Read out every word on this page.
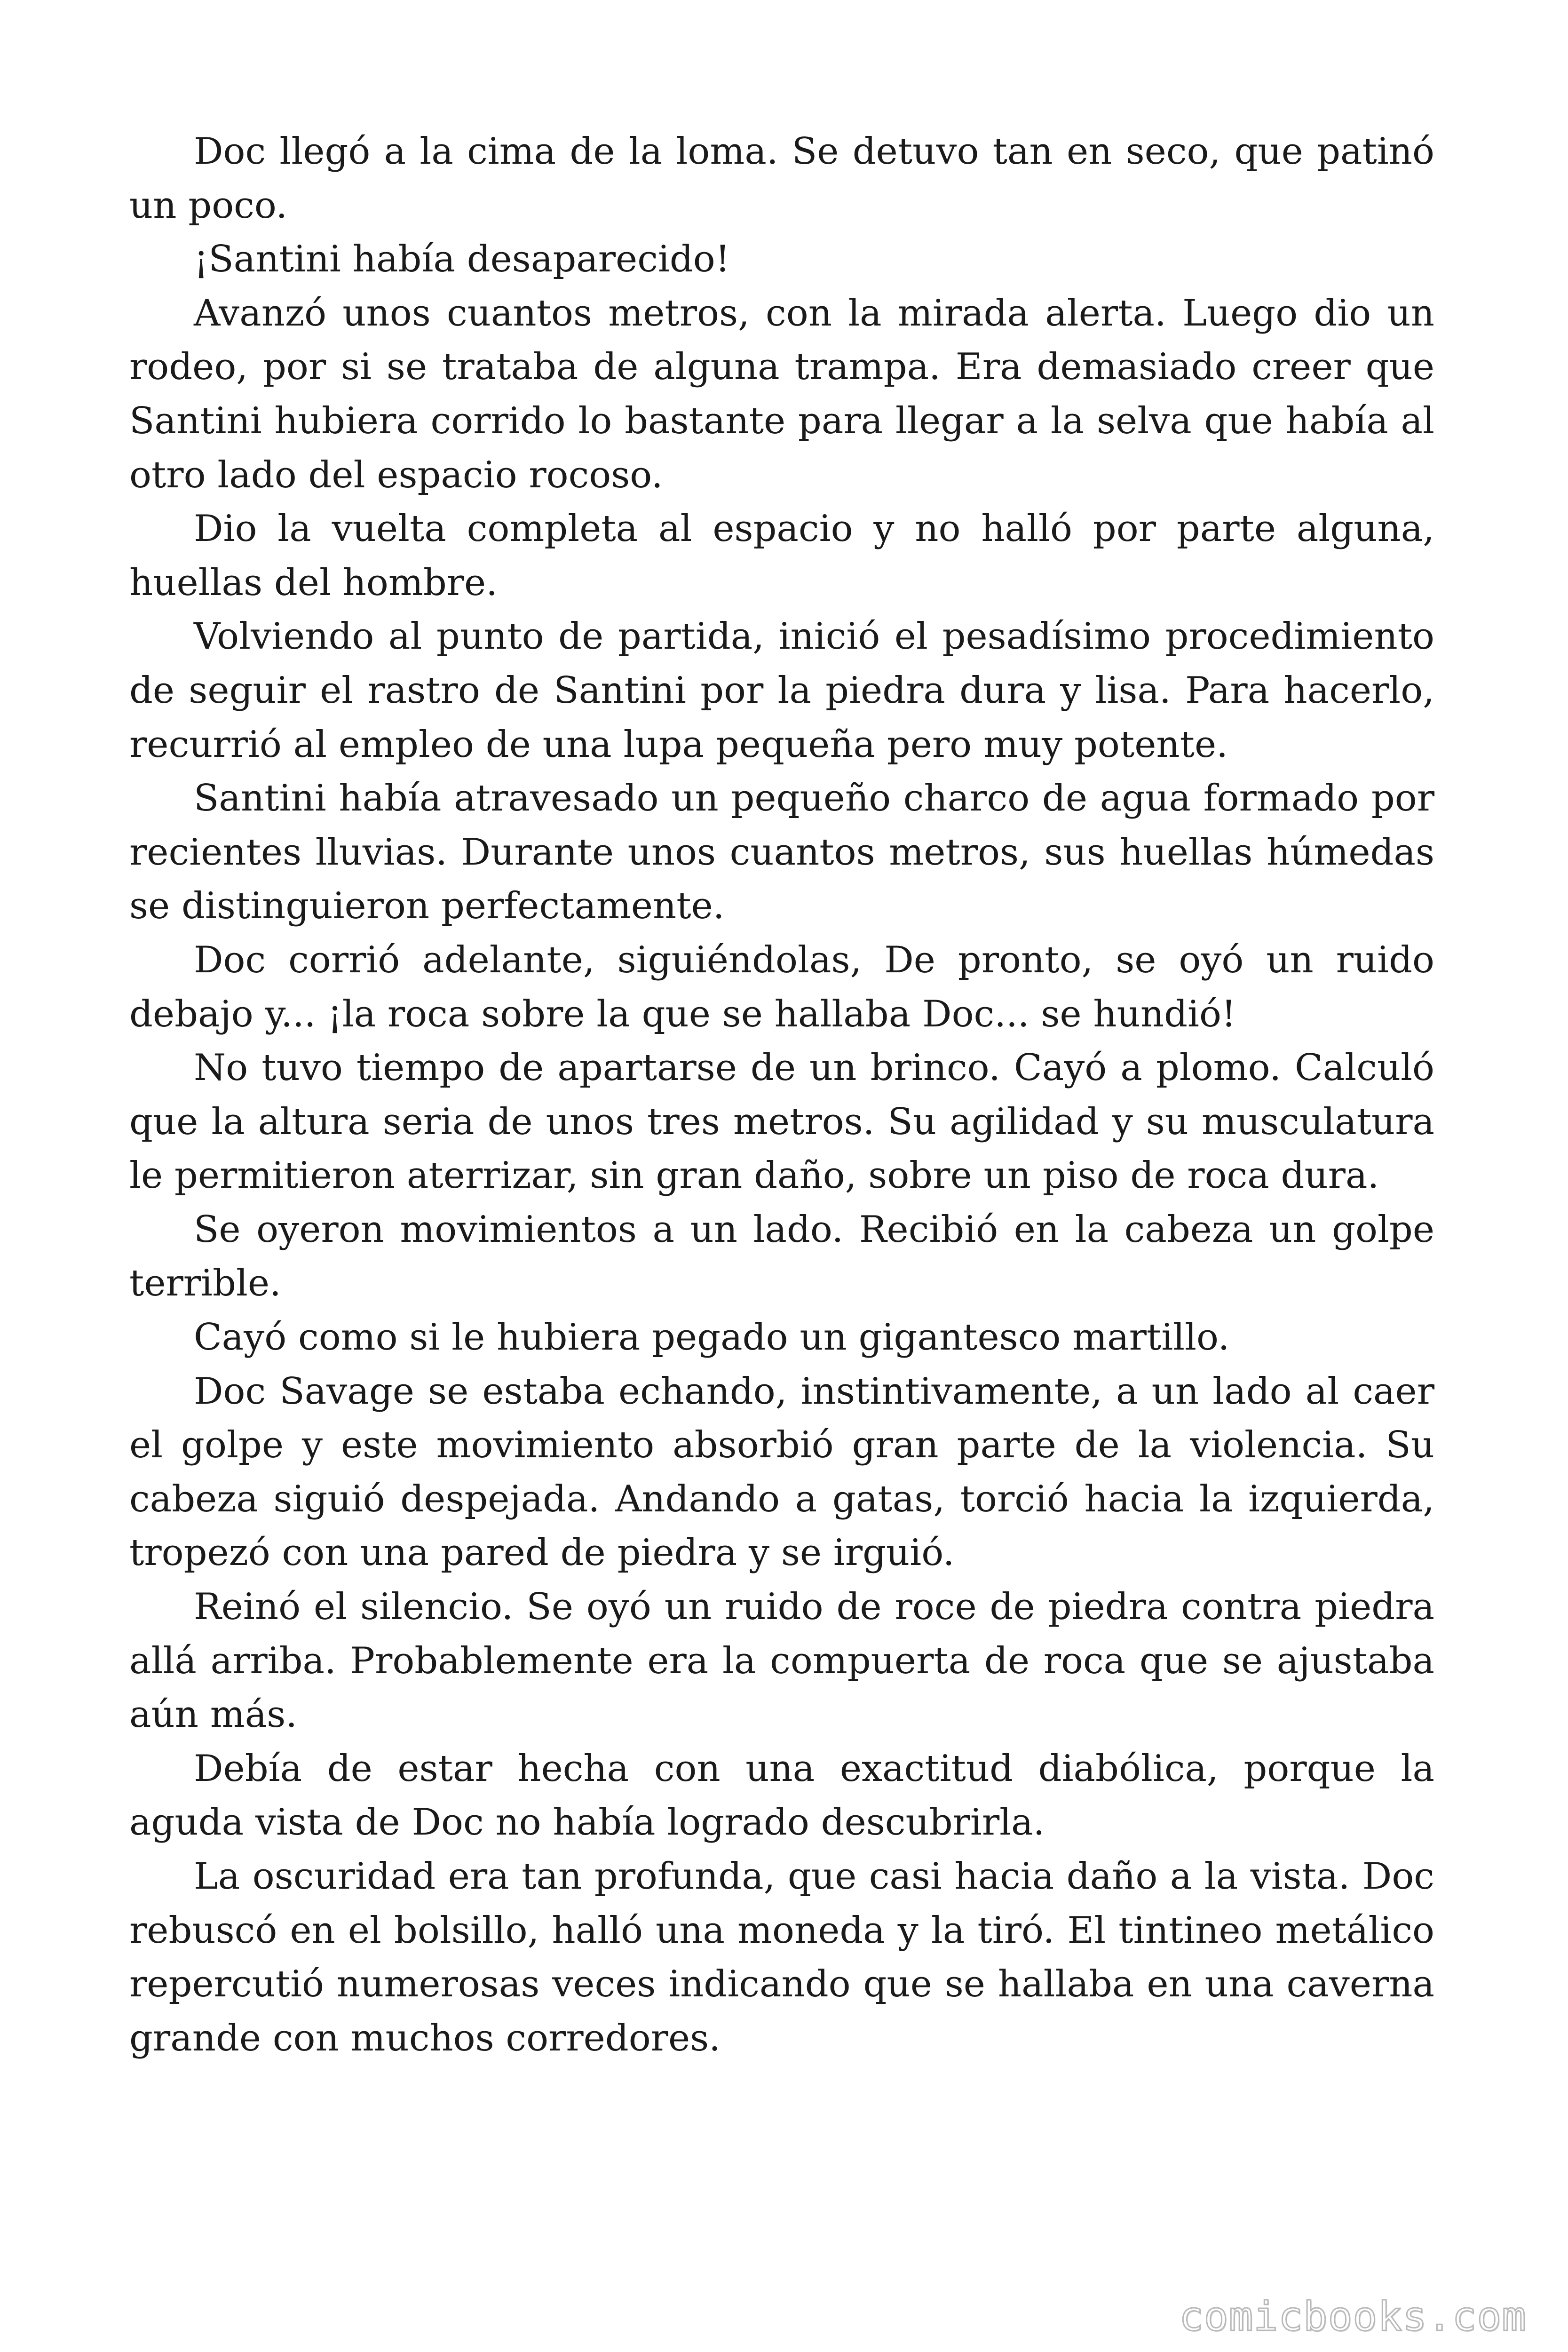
Doc llegó a la cima de la loma. Se detuvo tan en seco, que patinó un poco.

¡Santini había desaparecido!

Avanzó unos cuantos metros, con la mirada alerta. Luego dio un rodeo, por si se trataba de alguna trampa. Era demasiado creer que Santini hubiera corrido lo bastante para llegar a la selva que había al otro lado del espacio rocoso.

Dio la vuelta completa al espacio y no halló por parte alguna, huellas del hombre.

Volviendo al punto de partida, inició el pesadísimo procedimiento de seguir el rastro de Santini por la piedra dura y lisa. Para hacerlo, recurrió al empleo de una lupa pequeña pero muy potente.

Santini había atravesado un pequeño charco de agua formado por recientes lluvias. Durante unos cuantos metros, sus huellas húmedas se distinguieron perfectamente.

Doc corrió adelante, siguiéndolas, De pronto, se oyó un ruido debajo y... ¡la roca sobre la que se hallaba Doc... se hundió!

No tuvo tiempo de apartarse de un brinco. Cayó a plomo. Calculó que la altura seria de unos tres metros. Su agilidad y su musculatura le permitieron aterrizar, sin gran daño, sobre un piso de roca dura.

Se oyeron movimientos a un lado. Recibió en la cabeza un golpe terrible.

Cayó como si le hubiera pegado un gigantesco martillo.

Doc Savage se estaba echando, instintivamente, a un lado al caer el golpe y este movimiento absorbió gran parte de la violencia. Su cabeza siguió despejada. Andando a gatas, torció hacia la izquierda, tropezó con una pared de piedra y se irguió.

Reinó el silencio. Se oyó un ruido de roce de piedra contra piedra allá arriba. Probablemente era la compuerta de roca que se ajustaba aún más.

Debía de estar hecha con una exactitud diabólica, porque la aguda vista de Doc no había logrado descubrirla.

La oscuridad era tan profunda, que casi hacia daño a la vista. Doc rebuscó en el bolsillo, halló una moneda y la tiró. El tintineo metálico repercutió numerosas veces indicando que se hallaba en una caverna grande con muchos corredores.

comicbooks.com
